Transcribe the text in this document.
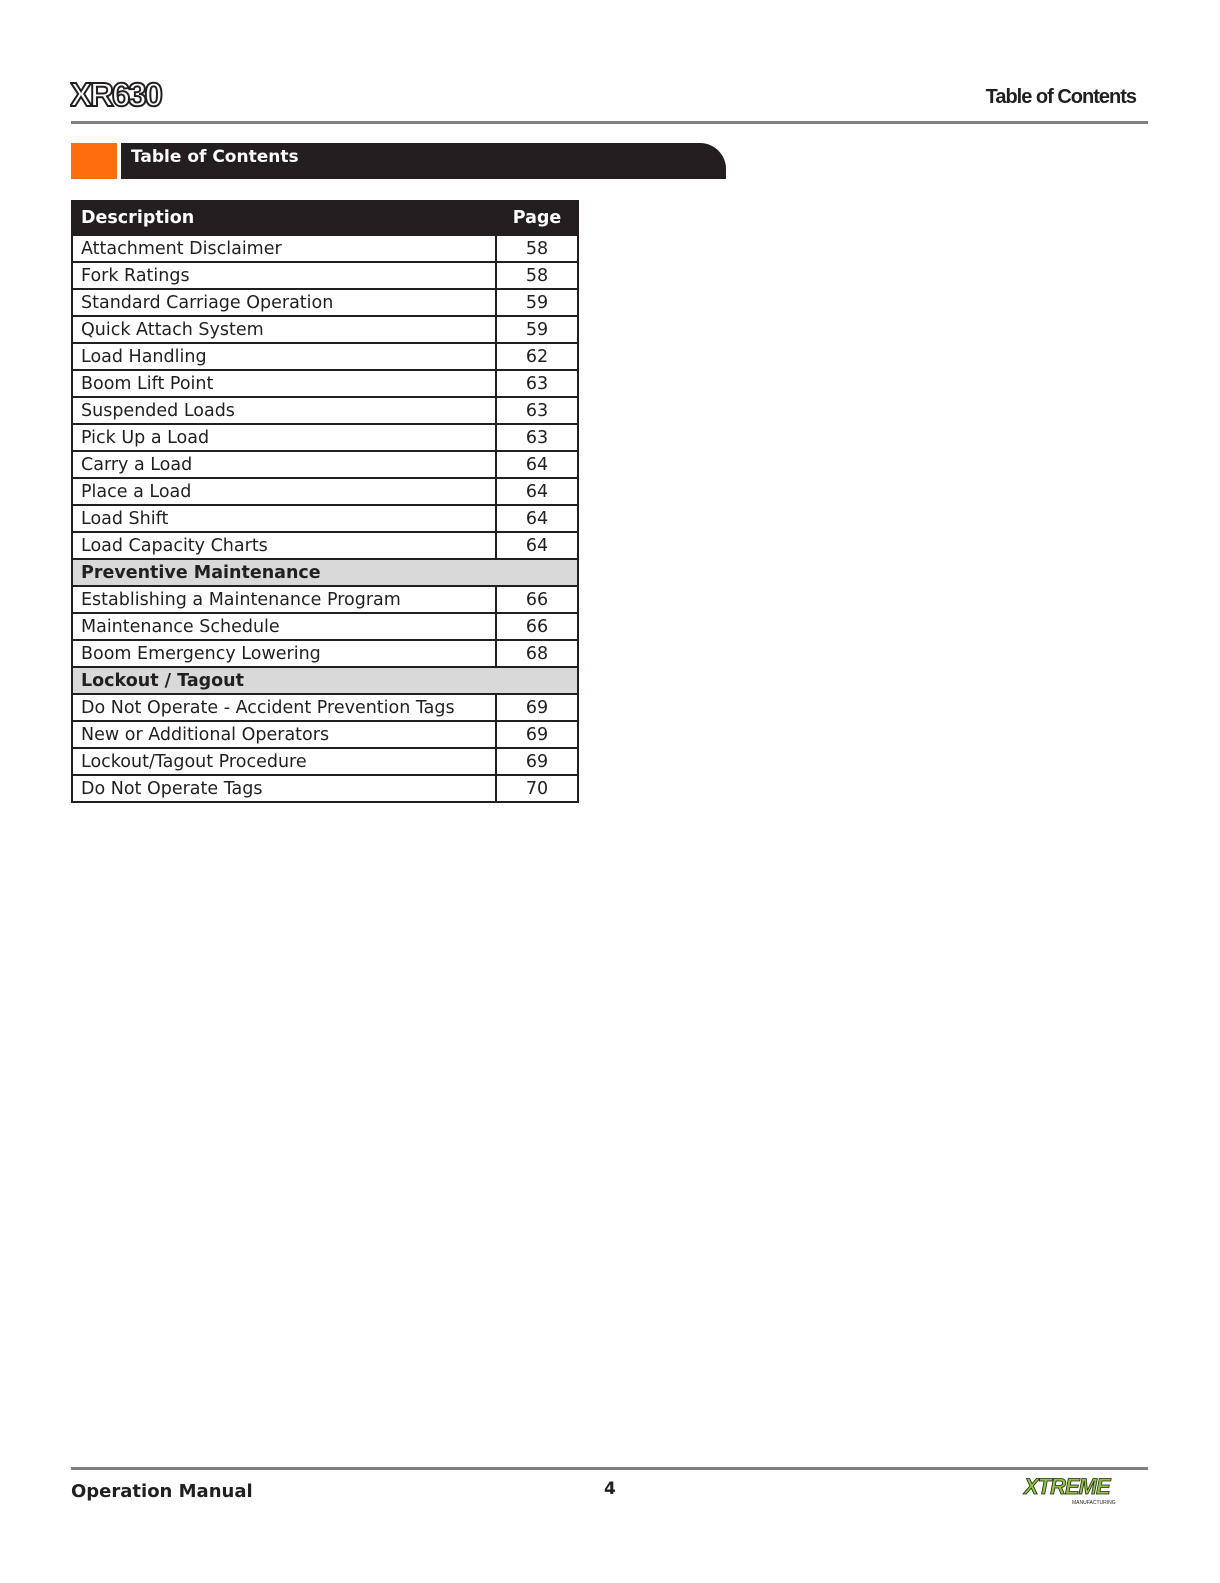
XR630	Table of Contents
Table of Contents
Description	Page
Attachment Disclaimer	58
Fork Ratings	58
Standard Carriage Operation	59
Quick Attach System	59
Load Handling	62
Boom Lift Point	63
Suspended Loads	63
Pick Up a Load	63
Carry a Load	64
Place a Load	64
Load Shift	64
Load Capacity Charts	64
Preventive Maintenance	
Establishing a Maintenance Program	66
Maintenance Schedule	66
Boom Emergency Lowering	68
Lockout / Tagout	
Do Not Operate - Accident Prevention Tags	69
New or Additional Operators	69
Lockout/Tagout Procedure	69
Do Not Operate Tags	70
Operation Manual	4	XTREME
MANUFACTURING
